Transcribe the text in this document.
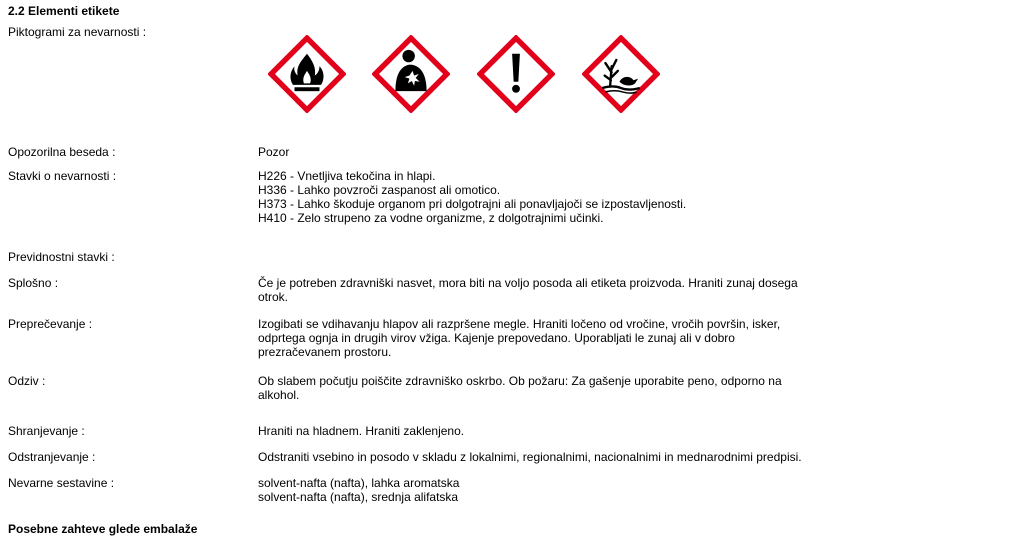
2.2 Elementi etikete
Piktogrami za nevarnosti :
Opozorilna beseda :	Pozor
Stavki o nevarnosti :	H226 - Vnetljiva tekočina in hlapi.

H336 - Lahko povzroči zaspanost ali omotico.

H373 - Lahko škoduje organom pri dolgotrajni ali ponavljajoči se izpostavljenosti.

H410 - Zelo strupeno za vodne organizme, z dolgotrajnimi učinki.

Previdnostni stavki :
Splošno :	Če je potreben zdravniški nasvet, mora biti na voljo posoda ali etiketa proizvoda. Hraniti zunaj dosega

otrok.

Preprečevanje :	Izogibati se vdihavanju hlapov ali razpršene megle. Hraniti ločeno od vročine, vročih površin, isker,

odprtega ognja in drugih virov vžiga. Kajenje prepovedano. Uporabljati le zunaj ali v dobro

prezračevanem prostoru.

Odziv :	Ob slabem počutju poiščite zdravniško oskrbo. Ob požaru: Za gašenje uporabite peno, odporno na

alkohol.

Shranjevanje :	Hraniti na hladnem. Hraniti zaklenjeno.
Odstranjevanje :	Odstraniti vsebino in posodo v skladu z lokalnimi, regionalnimi, nacionalnimi in mednarodnimi predpisi.
Nevarne sestavine :	solvent-nafta (nafta), lahka aromatska

solvent-nafta (nafta), srednja alifatska

Posebne zahteve glede embalaže
